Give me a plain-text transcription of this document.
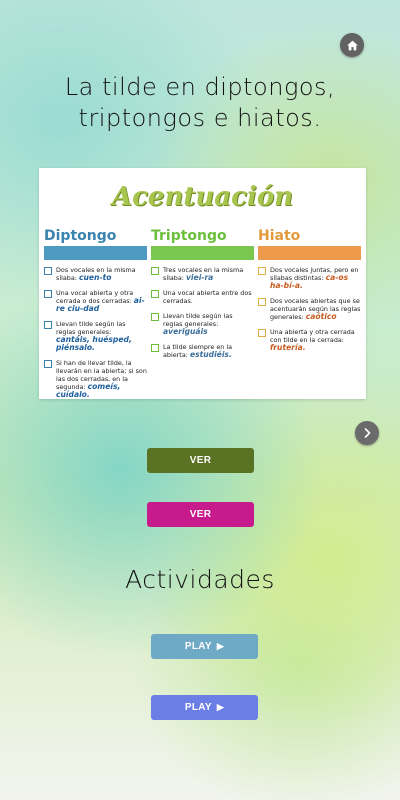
La tilde en diptongos,
triptongos e hiatos.
Acentuación
Diptongo
Dos vocales en la misma sílaba: cuen-to
Una vocal abierta y otra cerrada o dos cerradas: ai-re ciu-dad
Llevan tilde según las reglas generales: cantáis, huésped, piénsalo.
Si han de llevar tilde, la llevarán en la abierta; si son las dos cerradas, en la segunda: comeís, cuídalo.
Triptongo
Tres vocales en la misma sílaba: viei-ra
Una vocal abierta entre dos cerradas.
Llevan tilde según las reglas generales: averiguáis
La tilde siempre en la abierta: estudiéis.
Hiato
Dos vocales juntas, pero en sílabas distintas: ca-os ha-bí-a.
Dos vocales abiertas que se acentuarán según las reglas generales: caótico
Una abierta y otra cerrada con tilde en la cerrada: frutería.
VER
VER
Actividades
PLAY ▶
PLAY ▶
